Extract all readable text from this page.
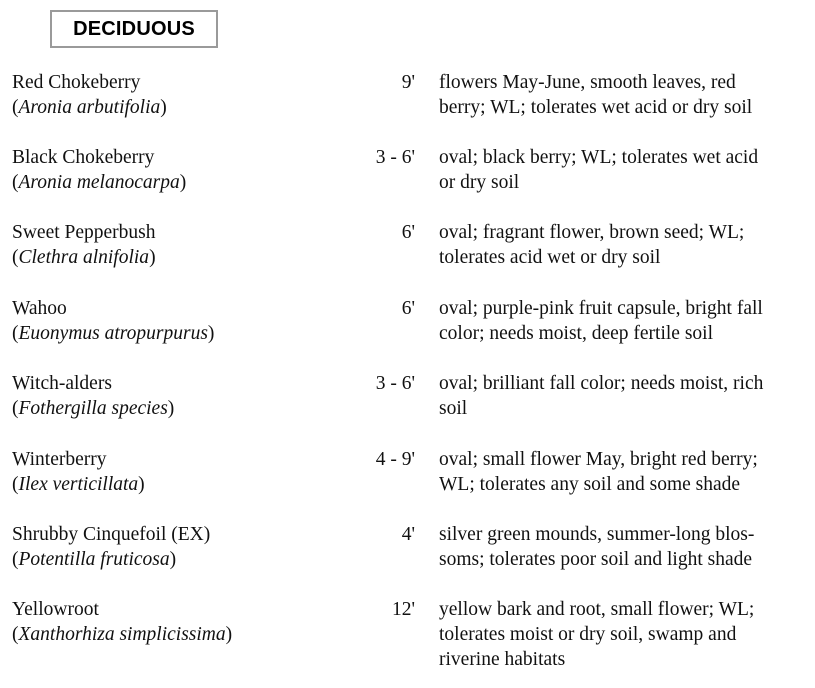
DECIDUOUS
Red Chokeberry
(Aronia arbutifolia)
9' flowers May-June, smooth leaves, red
berry; WL; tolerates wet acid or dry soil
Black Chokeberry
(Aronia melanocarpa)
3 - 6' oval; black berry; WL; tolerates wet acid
or dry soil
Sweet Pepperbush
(Clethra alnifolia)
6' oval; fragrant flower, brown seed; WL;
tolerates acid wet or dry soil
Wahoo
(Euonymus atropurpurus)
6' oval; purple-pink fruit capsule, bright fall
color; needs moist, deep fertile soil
Witch-alders
(Fothergilla species)
3 - 6' oval; brilliant fall color; needs moist, rich
soil
Winterberry
(Ilex verticillata)
4 - 9' oval; small flower May, bright red berry;
WL; tolerates any soil and some shade
Shrubby Cinquefoil (EX)
(Potentilla fruticosa)
4' silver green mounds, summer-long blos-
soms; tolerates poor soil and light shade
Yellowroot
(Xanthorhiza simplicissima)
12' yellow bark and root, small flower; WL;
tolerates moist or dry soil, swamp and
riverine habitats
